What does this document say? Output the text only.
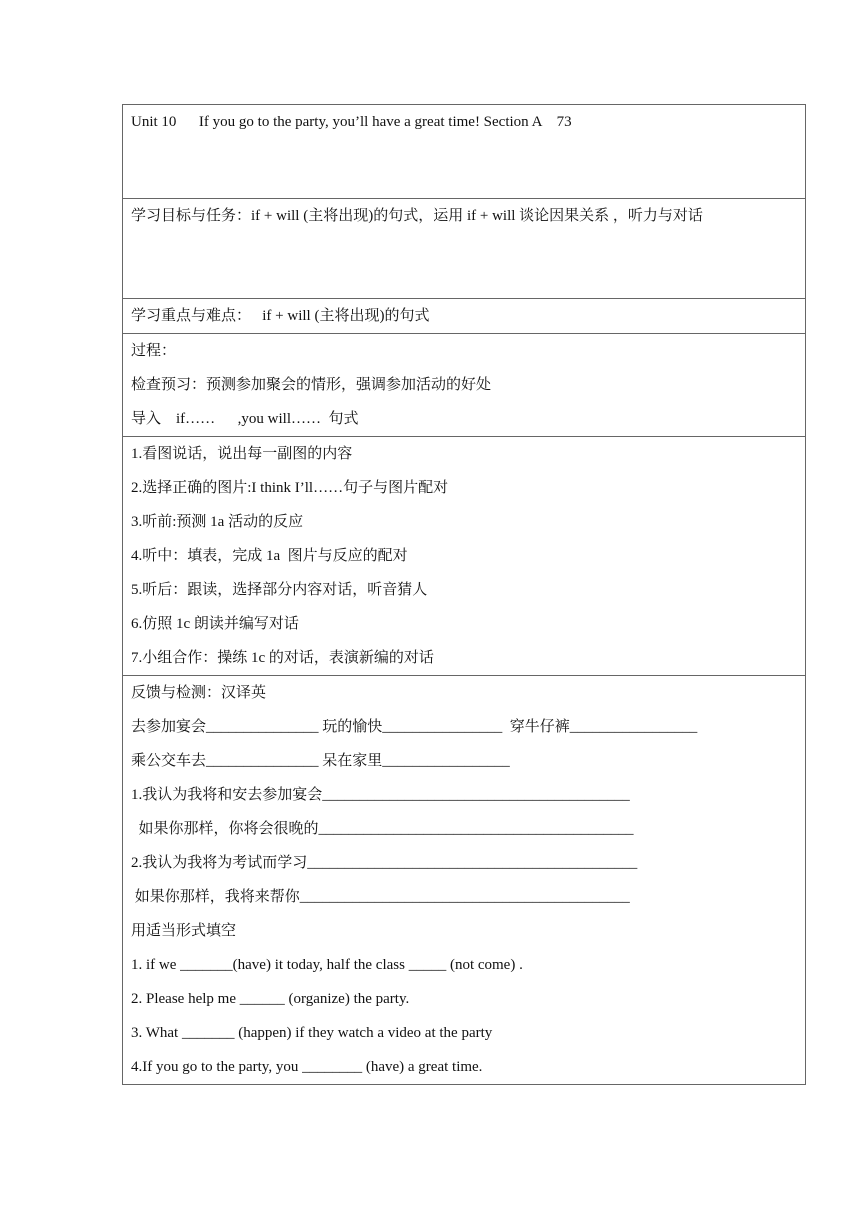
Unit 10      If you go to the party, you’ll have a great time! Section A    73

学习目标与任务：if + will (主将出现)的句式，运用 if + will 谈论因果关系 ，听力与对话

学习重点与难点：   if + will (主将出现)的句式

过程：
检查预习：预测参加聚会的情形，强调参加活动的好处
导入    if……      ,you will……  句式

1.看图说话，说出每一副图的内容
2.选择正确的图片:I think I’ll……句子与图片配对
3.听前:预测 1a 活动的反应
4.听中：填表，完成 1a  图片与反应的配对
5.听后：跟读，选择部分内容对话，听音猜人
6.仿照 1c 朗读并编写对话
7.小组合作：操练 1c 的对话，表演新编的对话

反馈与检测：汉译英
去参加宴会_______________ 玩的愉快________________  穿牛仔裤_________________
乘公交车去_______________ 呆在家里_________________
1.我认为我将和安去参加宴会_________________________________________
如果你那样，你将会很晚的__________________________________________
2.我认为我将为考试而学习____________________________________________
如果你那样，我将来帮你____________________________________________
用适当形式填空
1. if we _______(have) it today, half the class _____ (not come) .
2. Please help me ______ (organize) the party.
3. What _______ (happen) if they watch a video at the party
4.If you go to the party, you ________ (have) a great time.
